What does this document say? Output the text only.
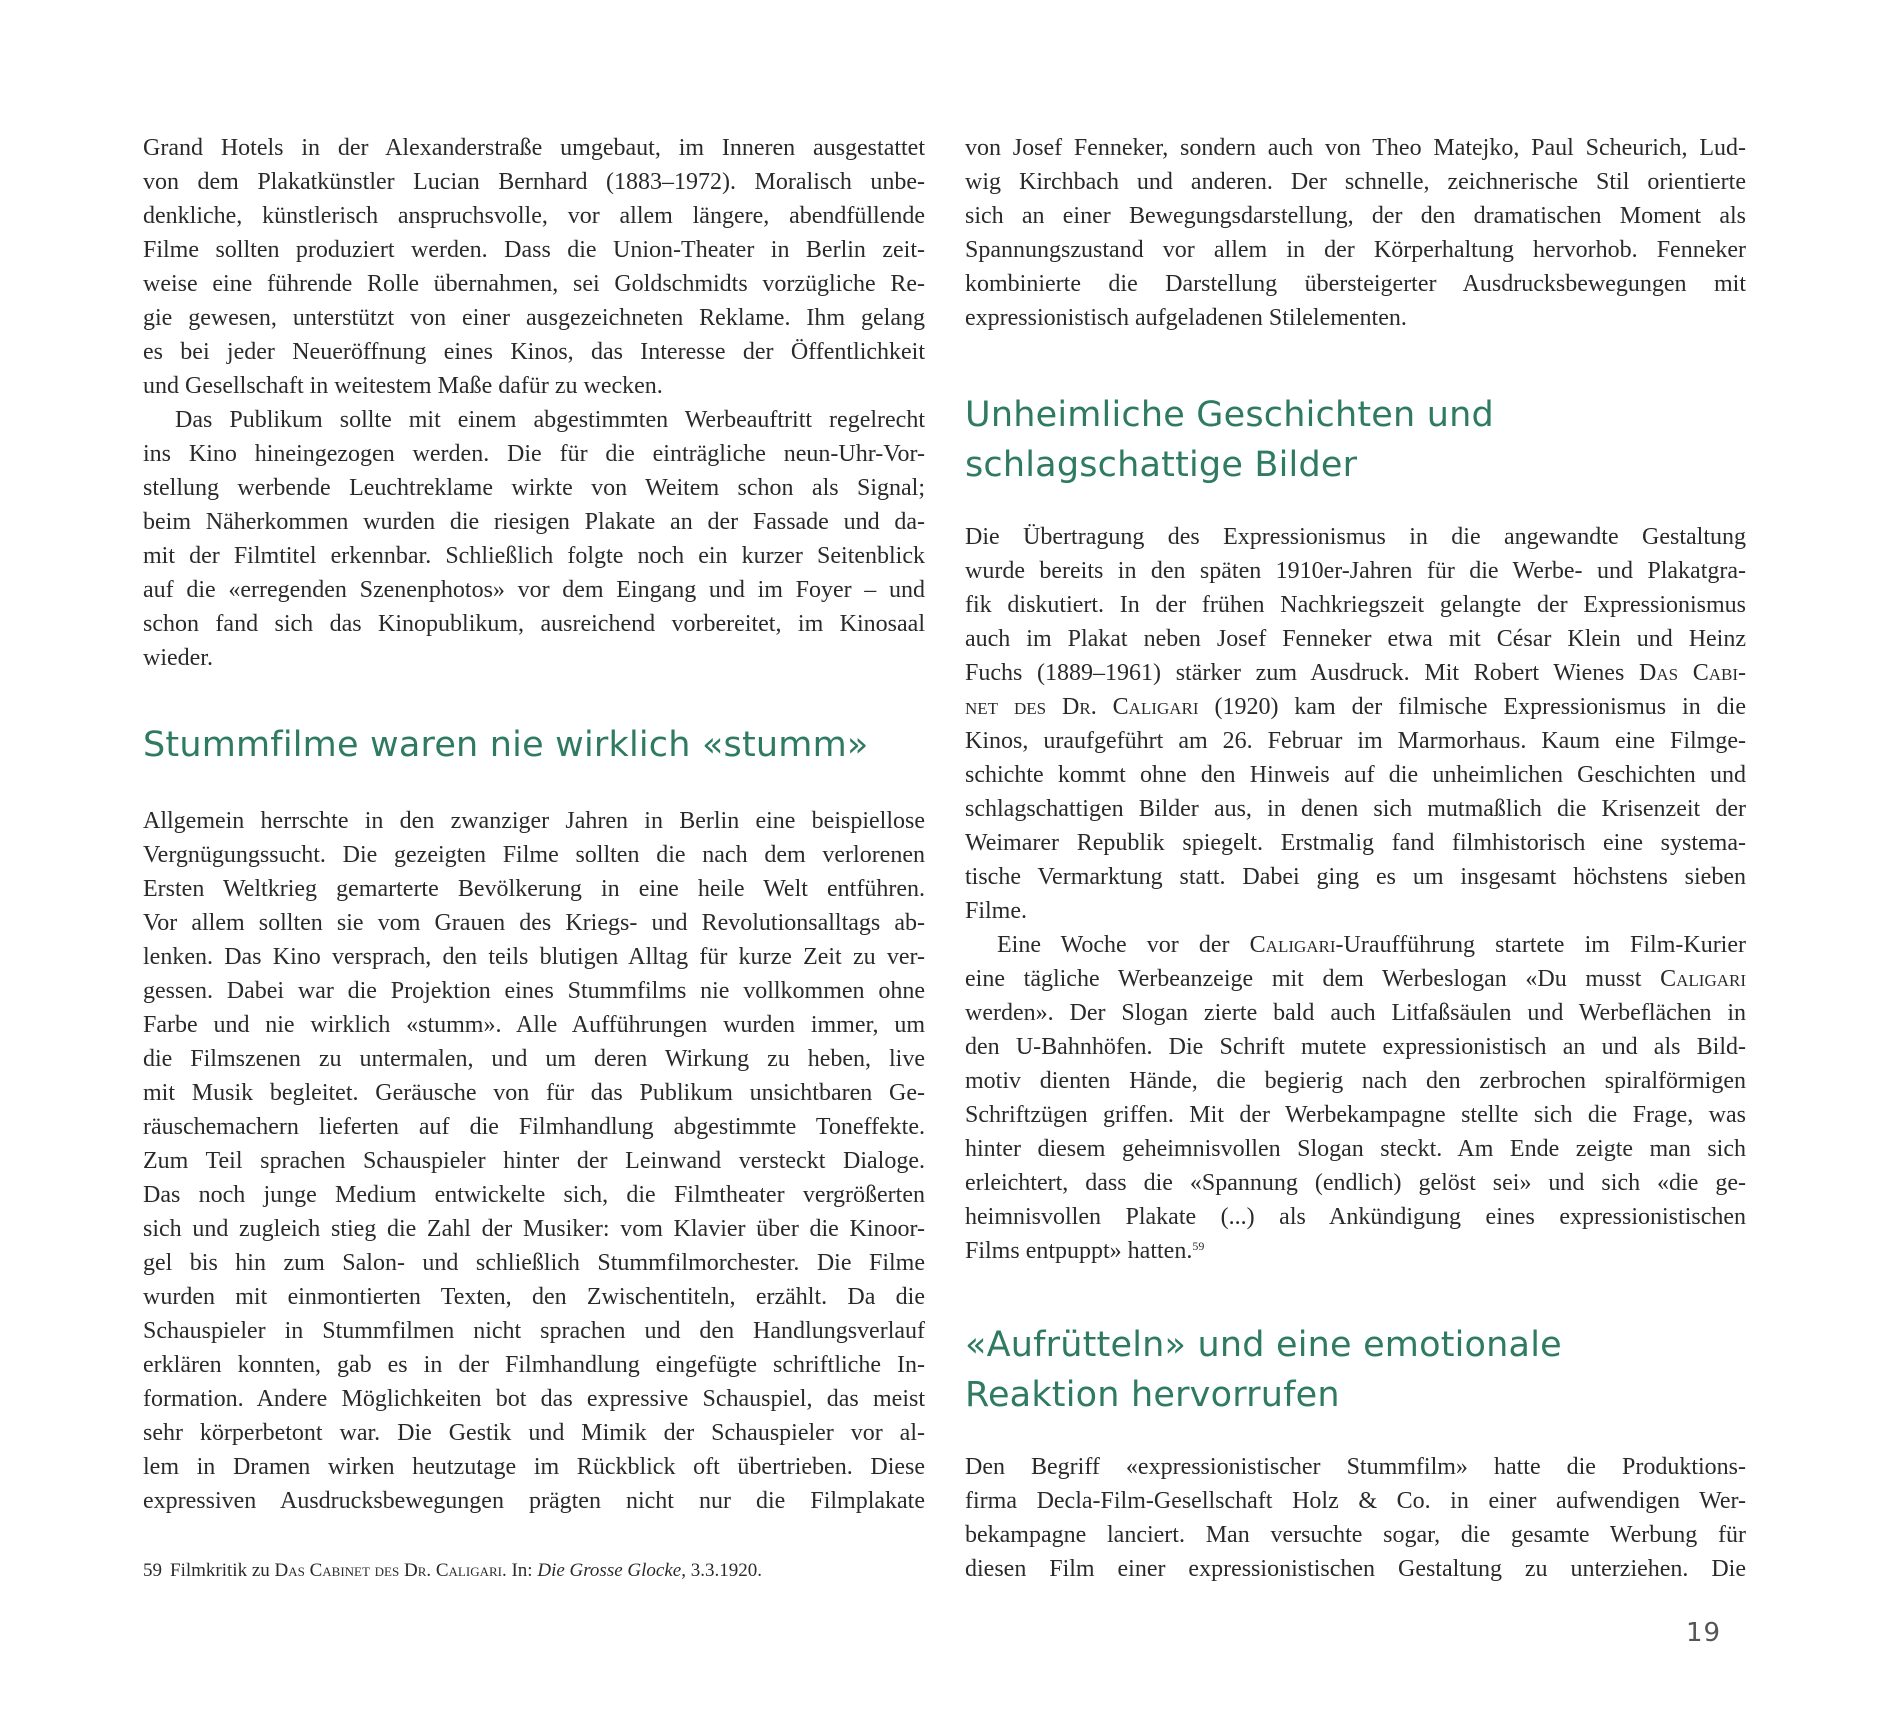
Grand Hotels in der Alexanderstraße umgebaut, im Inneren ausgestattet
von dem Plakatkünstler Lucian Bernhard (1883–1972). Moralisch unbe-
denkliche, künstlerisch anspruchsvolle, vor allem längere, abendfüllende
Filme sollten produziert werden. Dass die Union-Theater in Berlin zeit-
weise eine führende Rolle übernahmen, sei Goldschmidts vorzügliche Re-
gie gewesen, unterstützt von einer ausgezeichneten Reklame. Ihm gelang
es bei jeder Neueröffnung eines Kinos, das Interesse der Öffentlichkeit
und Gesellschaft in weitestem Maße dafür zu wecken.
Das Publikum sollte mit einem abgestimmten Werbeauftritt regelrecht
ins Kino hineingezogen werden. Die für die einträgliche neun-Uhr-Vor-
stellung werbende Leuchtreklame wirkte von Weitem schon als Signal;
beim Näherkommen wurden die riesigen Plakate an der Fassade und da-
mit der Filmtitel erkennbar. Schließlich folgte noch ein kurzer Seitenblick
auf die «erregenden Szenenphotos» vor dem Eingang und im Foyer – und
schon fand sich das Kinopublikum, ausreichend vorbereitet, im Kinosaal
wieder.
Stummfilme waren nie wirklich «stumm»
Allgemein herrschte in den zwanziger Jahren in Berlin eine beispiellose
Vergnügungssucht. Die gezeigten Filme sollten die nach dem verlorenen
Ersten Weltkrieg gemarterte Bevölkerung in eine heile Welt entführen.
Vor allem sollten sie vom Grauen des Kriegs- und Revolutionsalltags ab-
lenken. Das Kino versprach, den teils blutigen Alltag für kurze Zeit zu ver-
gessen. Dabei war die Projektion eines Stummfilms nie vollkommen ohne
Farbe und nie wirklich «stumm». Alle Aufführungen wurden immer, um
die Filmszenen zu untermalen, und um deren Wirkung zu heben, live
mit Musik begleitet. Geräusche von für das Publikum unsichtbaren Ge-
räuschemachern lieferten auf die Filmhandlung abgestimmte Toneffekte.
Zum Teil sprachen Schauspieler hinter der Leinwand versteckt Dialoge.
Das noch junge Medium entwickelte sich, die Filmtheater vergrößerten
sich und zugleich stieg die Zahl der Musiker: vom Klavier über die Kinoor-
gel bis hin zum Salon- und schließlich Stummfilmorchester. Die Filme
wurden mit einmontierten Texten, den Zwischentiteln, erzählt. Da die
Schauspieler in Stummfilmen nicht sprachen und den Handlungsverlauf
erklären konnten, gab es in der Filmhandlung eingefügte schriftliche In-
formation. Andere Möglichkeiten bot das expressive Schauspiel, das meist
sehr körperbetont war. Die Gestik und Mimik der Schauspieler vor al-
lem in Dramen wirken heutzutage im Rückblick oft übertrieben. Diese
expressiven Ausdrucksbewegungen prägten nicht nur die Filmplakate
59 Filmkritik zu Das Cabinet des Dr. Caligari. In: Die Grosse Glocke, 3.3.1920.
von Josef Fenneker, sondern auch von Theo Matejko, Paul Scheurich, Lud-
wig Kirchbach und anderen. Der schnelle, zeichnerische Stil orientierte
sich an einer Bewegungsdarstellung, der den dramatischen Moment als
Spannungszustand vor allem in der Körperhaltung hervorhob. Fenneker
kombinierte die Darstellung übersteigerter Ausdrucksbewegungen mit
expressionistisch aufgeladenen Stilelementen.
Unheimliche Geschichten und
schlagschattige Bilder
Die Übertragung des Expressionismus in die angewandte Gestaltung
wurde bereits in den späten 1910er-Jahren für die Werbe- und Plakatgra-
fik diskutiert. In der frühen Nachkriegszeit gelangte der Expressionismus
auch im Plakat neben Josef Fenneker etwa mit César Klein und Heinz
Fuchs (1889–1961) stärker zum Ausdruck. Mit Robert Wienes Das Cabi-
net des Dr. Caligari (1920) kam der filmische Expressionismus in die
Kinos, uraufgeführt am 26. Februar im Marmorhaus. Kaum eine Filmge-
schichte kommt ohne den Hinweis auf die unheimlichen Geschichten und
schlagschattigen Bilder aus, in denen sich mutmaßlich die Krisenzeit der
Weimarer Republik spiegelt. Erstmalig fand filmhistorisch eine systema-
tische Vermarktung statt. Dabei ging es um insgesamt höchstens sieben
Filme.
Eine Woche vor der Caligari-Uraufführung startete im Film-Kurier
eine tägliche Werbeanzeige mit dem Werbeslogan «Du musst Caligari
werden». Der Slogan zierte bald auch Litfaßsäulen und Werbeflächen in
den U-Bahnhöfen. Die Schrift mutete expressionistisch an und als Bild-
motiv dienten Hände, die begierig nach den zerbrochen spiralförmigen
Schriftzügen griffen. Mit der Werbekampagne stellte sich die Frage, was
hinter diesem geheimnisvollen Slogan steckt. Am Ende zeigte man sich
erleichtert, dass die «Spannung (endlich) gelöst sei» und sich «die ge-
heimnisvollen Plakate (...) als Ankündigung eines expressionistischen
Films entpuppt» hatten.$^{59}$
«Aufrütteln» und eine emotionale
Reaktion hervorrufen
Den Begriff «expressionistischer Stummfilm» hatte die Produktions-
firma Decla-Film-Gesellschaft Holz & Co. in einer aufwendigen Wer-
bekampagne lanciert. Man versuchte sogar, die gesamte Werbung für
diesen Film einer expressionistischen Gestaltung zu unterziehen. Die
19
